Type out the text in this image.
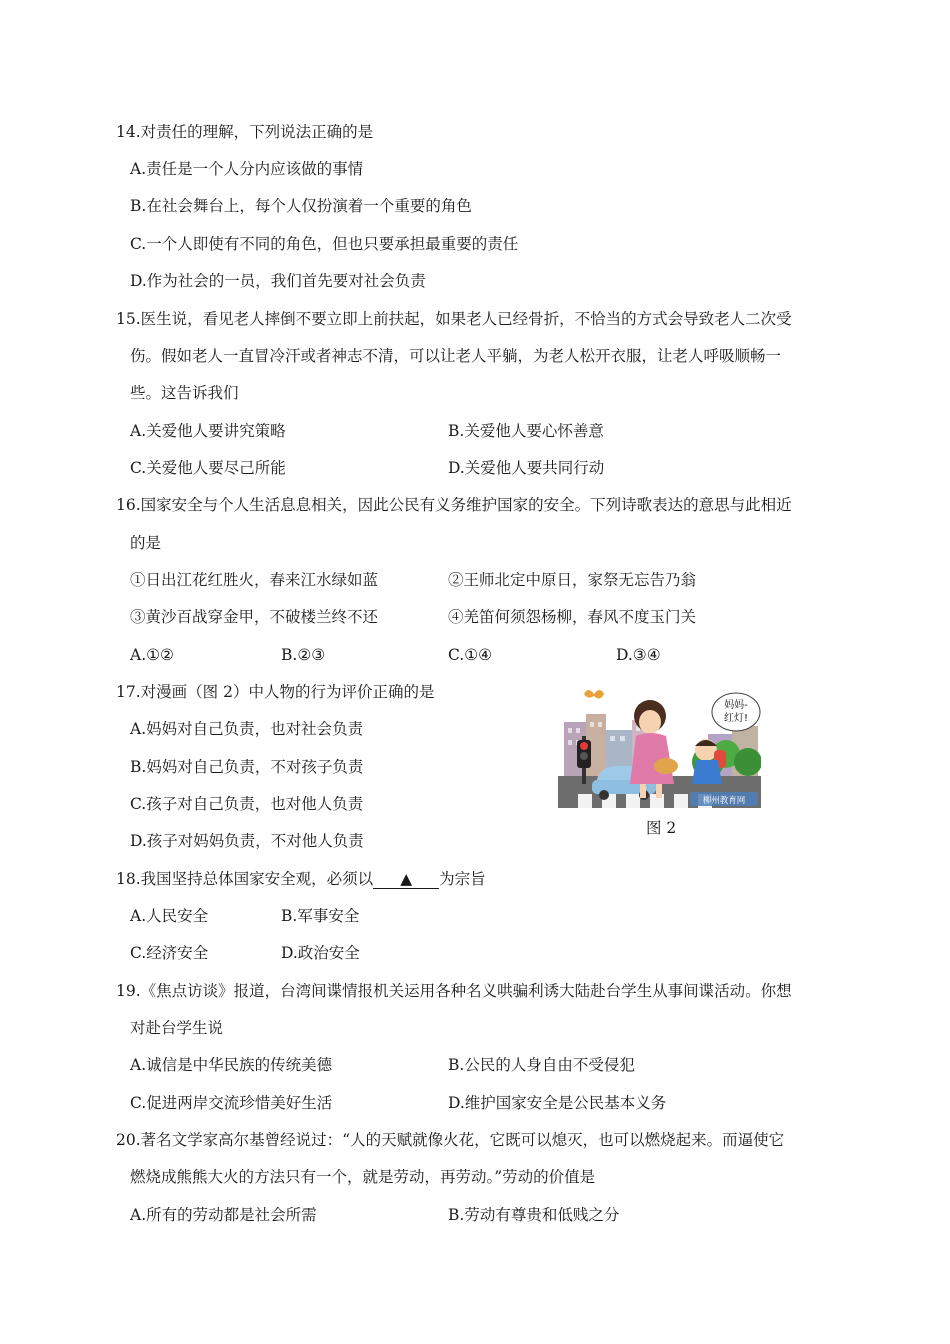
14.对责任的理解，下列说法正确的是
A.责任是一个人分内应该做的事情
B.在社会舞台上，每个人仅扮演着一个重要的角色
C.一个人即使有不同的角色，但也只要承担最重要的责任
D.作为社会的一员，我们首先要对社会负责
15.医生说，看见老人摔倒不要立即上前扶起，如果老人已经骨折，不恰当的方式会导致老人二次受
伤。假如老人一直冒冷汗或者神志不清，可以让老人平躺，为老人松开衣服，让老人呼吸顺畅一
些。这告诉我们
A.关爱他人要讲究策略	B.关爱他人要心怀善意
C.关爱他人要尽己所能	D.关爱他人要共同行动
16.国家安全与个人生活息息相关，因此公民有义务维护国家的安全。下列诗歌表达的意思与此相近
的是
①日出江花红胜火，春来江水绿如蓝	②王师北定中原日，家祭无忘告乃翁
③黄沙百战穿金甲，不破楼兰终不还	④羌笛何须怨杨柳，春风不度玉门关
A.①②	B.②③	C.①④	D.③④
17.对漫画（图 2）中人物的行为评价正确的是
A.妈妈对自己负责，也对社会负责
B.妈妈对自己负责，不对孩子负责
C.孩子对自己负责，也对他人负责
D.孩子对妈妈负责，不对他人负责
妈妈-
红灯!
柳州教育网
图 2
18.我国坚持总体国家安全观，必须以 ▲ 为宗旨
A.人民安全	B.军事安全
C.经济安全	D.政治安全
19.《焦点访谈》报道，台湾间谍情报机关运用各种名义哄骗利诱大陆赴台学生从事间谍活动。你想
对赴台学生说
A.诚信是中华民族的传统美德	B.公民的人身自由不受侵犯
C.促进两岸交流珍惜美好生活	D.维护国家安全是公民基本义务
20.著名文学家高尔基曾经说过：“人的天赋就像火花，它既可以熄灭，也可以燃烧起来。而逼使它
燃烧成熊熊大火的方法只有一个，就是劳动，再劳动。”劳动的价值是
A.所有的劳动都是社会所需	B.劳动有尊贵和低贱之分
